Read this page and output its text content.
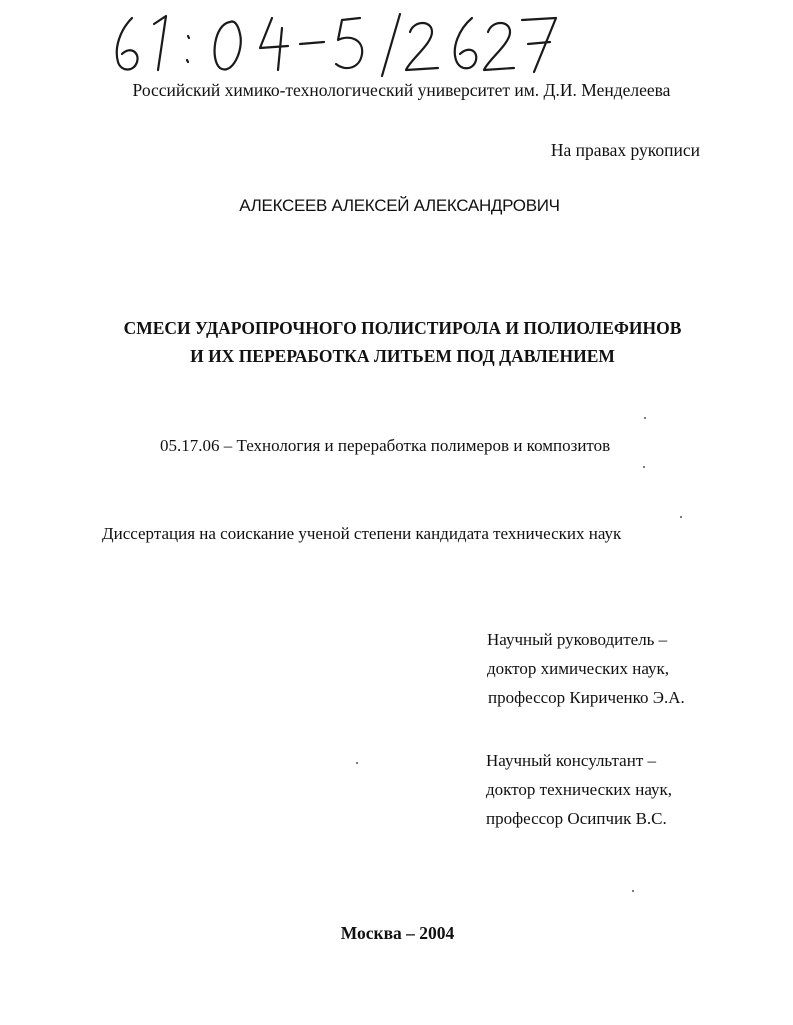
Российский химико-технологический университет им. Д.И. Менделеева
На правах рукописи
АЛЕКСЕЕВ АЛЕКСЕЙ АЛЕКСАНДРОВИЧ
СМЕСИ УДАРОПРОЧНОГО ПОЛИСТИРОЛА И ПОЛИОЛЕФИНОВ
И ИХ ПЕРЕРАБОТКА ЛИТЬЕМ ПОД ДАВЛЕНИЕМ
05.17.06 – Технология и переработка полимеров и композитов
Диссертация на соискание ученой степени кандидата технических наук
Научный руководитель –
доктор химических наук,
профессор Кириченко Э.А.
Научный консультант –
доктор технических наук,
профессор Осипчик В.С.
Москва – 2004
